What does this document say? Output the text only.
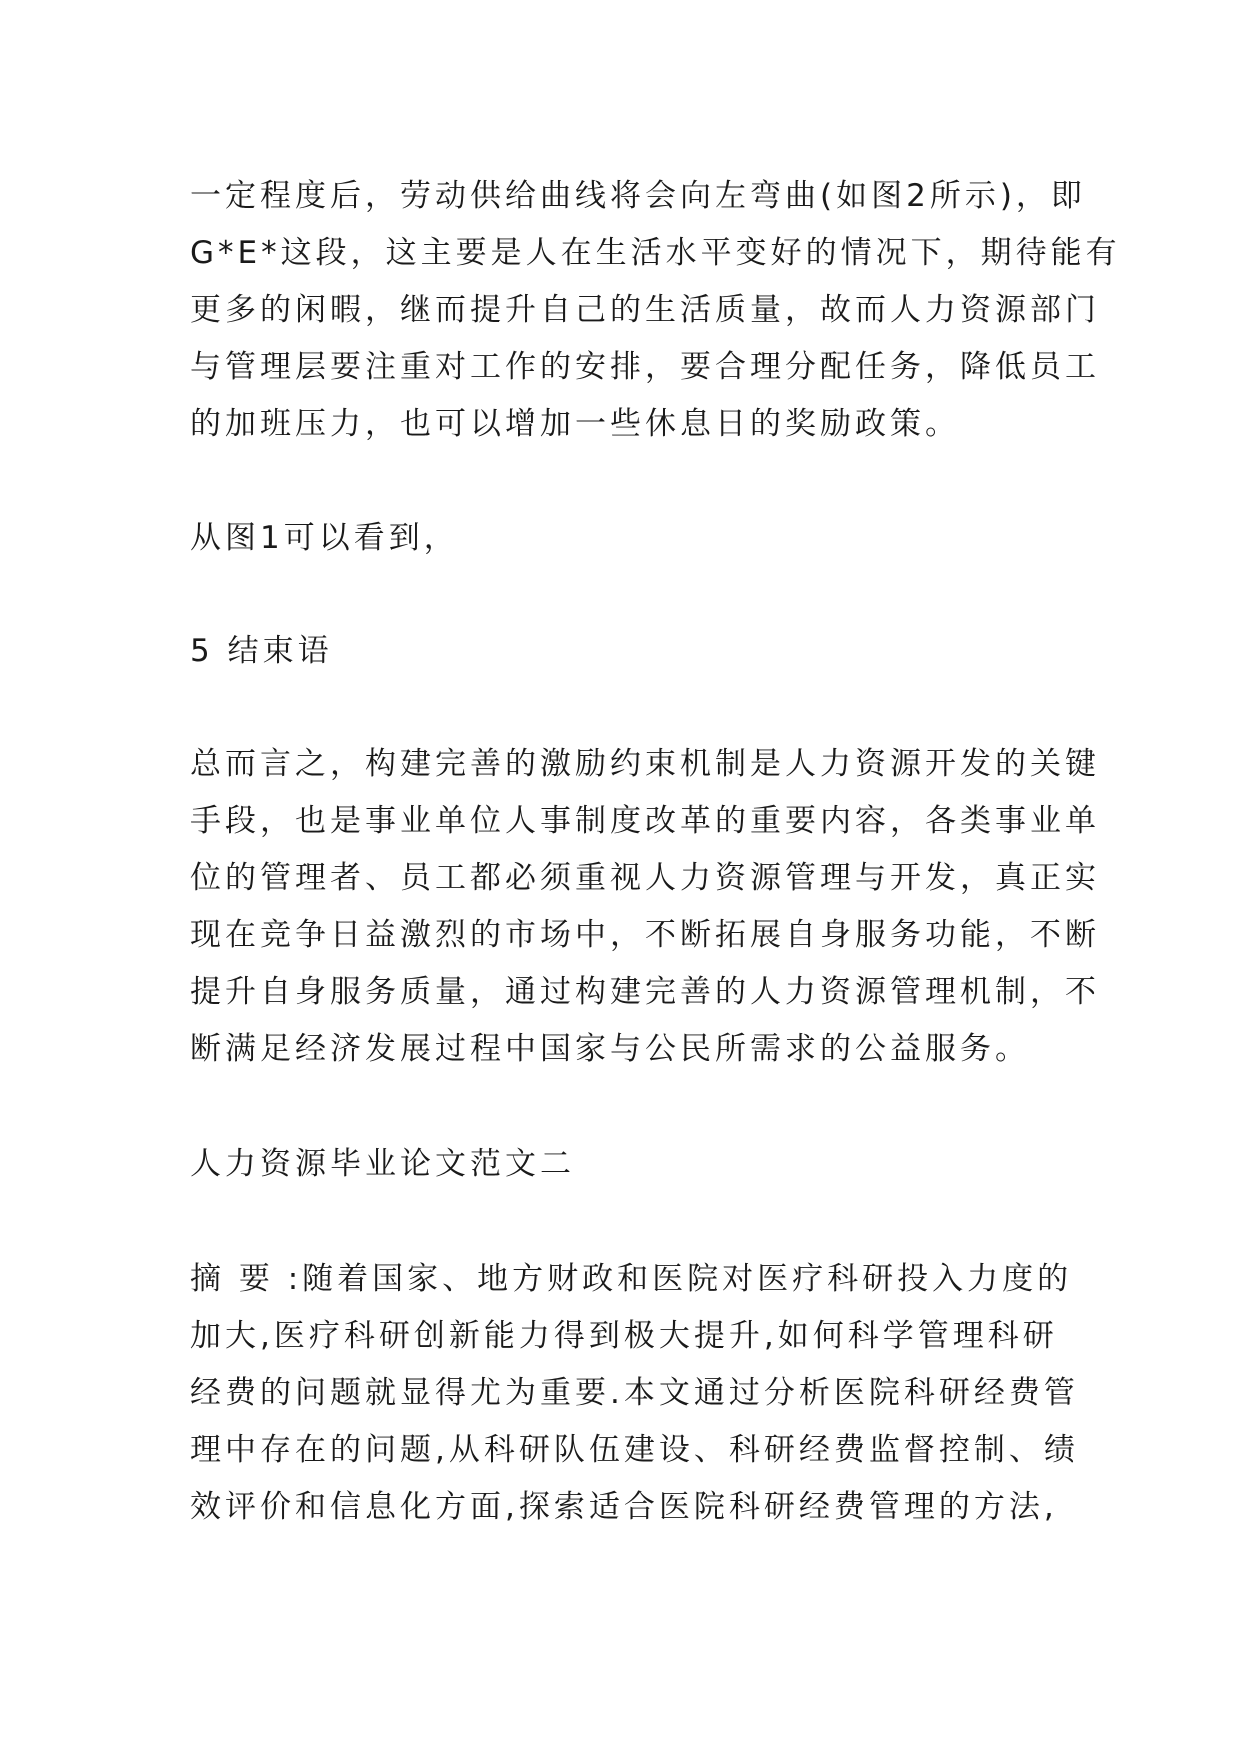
一定程度后，劳动供给曲线将会向左弯曲(如图2所示)，即
G*E*这段，这主要是人在生活水平变好的情况下，期待能有
更多的闲暇，继而提升自己的生活质量，故而人力资源部门
与管理层要注重对工作的安排，要合理分配任务，降低员工
的加班压力，也可以增加一些休息日的奖励政策。
从图1可以看到，
5 结束语
总而言之，构建完善的激励约束机制是人力资源开发的关键
手段，也是事业单位人事制度改革的重要内容，各类事业单
位的管理者、员工都必须重视人力资源管理与开发，真正实
现在竞争日益激烈的市场中，不断拓展自身服务功能，不断
提升自身服务质量，通过构建完善的人力资源管理机制，不
断满足经济发展过程中国家与公民所需求的公益服务。
人力资源毕业论文范文二
摘 要 :随着国家、地方财政和医院对医疗科研投入力度的
加大,医疗科研创新能力得到极大提升,如何科学管理科研
经费的问题就显得尤为重要.本文通过分析医院科研经费管
理中存在的问题,从科研队伍建设、科研经费监督控制、绩
效评价和信息化方面,探索适合医院科研经费管理的方法,
